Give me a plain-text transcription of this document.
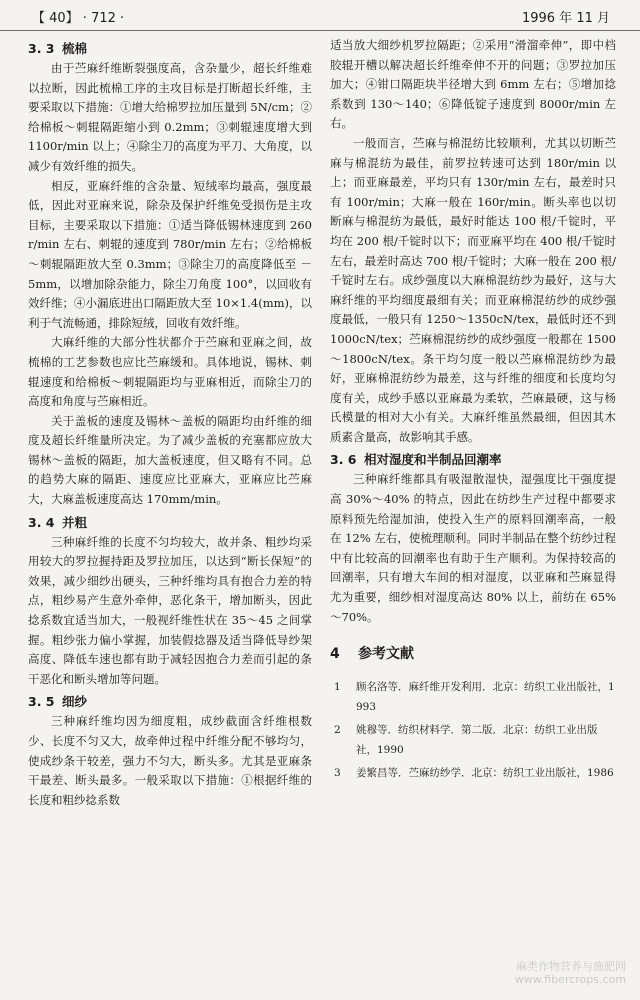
【 40】 · 712 ·	1996 年 11 月
3. 3 梳棉

由于苎麻纤维断裂强度高，含杂量少，超长纤维难以拉断，因此梳棉工序的主攻目标是打断超长纤维，主要采取以下措施：①增大给棉罗拉加压量到 5N/cm；②给棉板～刺辊隔距缩小到 0.2mm；③刺辊速度增大到 1100r/min 以上；④除尘刀的高度为平刀、大角度，以减少有效纤维的损失。

相反，亚麻纤维的含杂量、短绒率均最高，强度最低，因此对亚麻来说，除杂及保护纤维免受损伤是主攻目标，主要采取以下措施：①适当降低锡林速度到 260r/min 左右、刺辊的速度到 780r/min 左右；②给棉板～刺辊隔距放大至 0.3mm；③除尘刀的高度降低至 －5mm，以增加除杂能力，除尘刀角度 100°，以回收有效纤维；④小漏底进出口隔距放大至 10×1.4(mm)，以利于气流畅通，排除短绒，回收有效纤维。

大麻纤维的大部分性状都介于苎麻和亚麻之间，故梳棉的工艺参数也应比苎麻缓和。具体地说，锡林、刺辊速度和给棉板～刺辊隔距均与亚麻相近，而除尘刀的高度和角度与苎麻相近。

关于盖板的速度及锡林～盖板的隔距均由纤维的细度及超长纤维量所决定。为了减少盖板的充塞都应放大锡林～盖板的隔距，加大盖板速度，但又略有不同。总的趋势大麻的隔距、速度应比亚麻大，亚麻应比苎麻大，大麻盖板速度高达 170mm/min。

3. 4 并粗

三种麻纤维的长度不匀均较大，故并条、粗纱均采用较大的罗拉握持距及罗拉加压，以达到“断长保短”的效果，减少细纱出硬头，三种纤维均具有抱合力差的特点，粗纱易产生意外牵伸，恶化条干，增加断头，因此捻系数宜适当加大，一般视纤维性状在 35～45 之间掌握。粗纱张力偏小掌握，加装假捻器及适当降低导纱架高度、降低车速也都有助于减轻因抱合力差而引起的条干恶化和断头增加等问题。

3. 5 细纱

三种麻纤维均因为细度粗，成纱截面含纤维根数少、长度不匀又大，故牵伸过程中纤维分配不够均匀，使成纱条干较差，强力不匀大，断头多。尤其是亚麻条干最差、断头最多。一般采取以下措施：①根据纤维的长度和粗纱捻系数

适当放大细纱机罗拉隔距；②采用“滑溜牵伸”，即中档胶辊开槽以解决超长纤维牵伸不开的问题；③罗拉加压加大；④钳口隔距块半径增大到 6mm 左右；⑤增加捻系数到 130～140；⑥降低锭子速度到 8000r/min 左右。

一般而言，苎麻与棉混纺比较顺利，尤其以切断苎麻与棉混纺为最佳，前罗拉转速可达到 180r/min 以上；而亚麻最差，平均只有 130r/min 左右，最差时只有 100r/min；大麻一般在 160r/min。断头率也以切断麻与棉混纺为最低，最好时能达 100 根/千锭时，平均在 200 根/千锭时以下；而亚麻平均在 400 根/千锭时左右，最差时高达 700 根/千锭时；大麻一般在 200 根/千锭时左右。成纱强度以大麻棉混纺纱为最好，这与大麻纤维的平均细度最细有关；而亚麻棉混纺纱的成纱强度最低，一般只有 1250～1350cN/tex，最低时还不到 1000cN/tex；苎麻棉混纺纱的成纱强度一般都在 1500～1800cN/tex。条干均匀度一般以苎麻棉混纺纱为最好，亚麻棉混纺纱为最差，这与纤维的细度和长度均匀度有关，成纱手感以亚麻最为柔软，苎麻最硬，这与杨氏模量的相对大小有关。大麻纤维虽然最细，但因其木质素含量高，故影响其手感。

3. 6 相对湿度和半制品回潮率

三种麻纤维都具有吸湿散湿快，湿强度比干强度提高 30%～40% 的特点，因此在纺纱生产过程中都要求原料预先给湿加油，使投入生产的原料回潮率高，一般在 12% 左右，使梳理顺利。同时半制品在整个纺纱过程中有比较高的回潮率也有助于生产顺利。为保持较高的回潮率，只有增大车间的相对湿度，以亚麻和苎麻显得尤为重要，细纱相对湿度高达 80% 以上，前纺在 65%～70%。

4 参考文献
1 顾名洛等．麻纤维开发利用．北京：纺织工业出版社，1993
2 姚穆等．纺织材料学．第二版．北京：纺织工业出版社，1990
3 姜繁昌等．苎麻纺纱学．北京：纺织工业出版社，1986
麻类作物营养与施肥网
www.fibercrops.com
